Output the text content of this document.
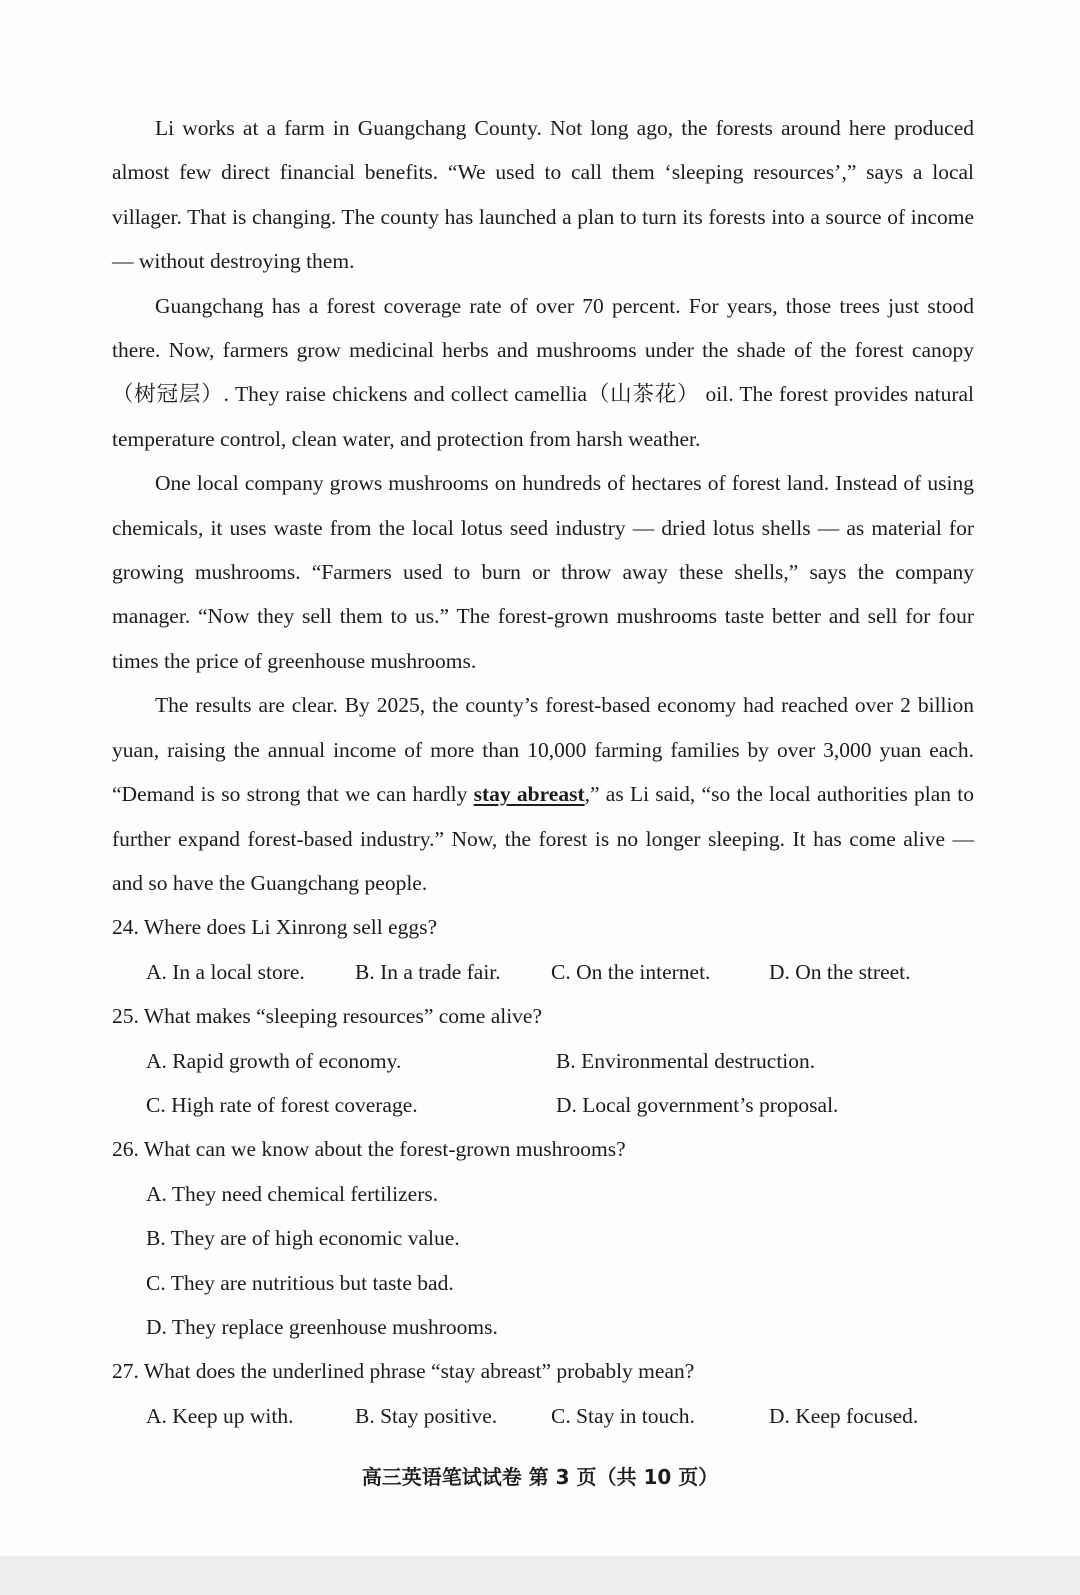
Li works at a farm in Guangchang County. Not long ago, the forests around here produced almost few direct financial benefits. “We used to call them ‘sleeping resources’,” says a local villager. That is changing. The county has launched a plan to turn its forests into a source of income — without destroying them.

Guangchang has a forest coverage rate of over 70 percent. For years, those trees just stood there. Now, farmers grow medicinal herbs and mushrooms under the shade of the forest canopy（树冠层）. They raise chickens and collect camellia（山茶花） oil. The forest provides natural temperature control, clean water, and protection from harsh weather.

One local company grows mushrooms on hundreds of hectares of forest land. Instead of using chemicals, it uses waste from the local lotus seed industry — dried lotus shells — as material for growing mushrooms. “Farmers used to burn or throw away these shells,” says the company manager. “Now they sell them to us.” The forest-grown mushrooms taste better and sell for four times the price of greenhouse mushrooms.

The results are clear. By 2025, the county’s forest-based economy had reached over 2 billion yuan, raising the annual income of more than 10,000 farming families by over 3,000 yuan each. “Demand is so strong that we can hardly stay abreast,” as Li said, “so the local authorities plan to further expand forest-based industry.” Now, the forest is no longer sleeping. It has come alive — and so have the Guangchang people.

24. Where does Li Xinrong sell eggs?

A. In a local store.	B. In a trade fair.	C. On the internet.	D. On the street.

25. What makes “sleeping resources” come alive?

A. Rapid growth of economy.	B. Environmental destruction.
C. High rate of forest coverage.	D. Local government’s proposal.

26. What can we know about the forest-grown mushrooms?

A. They need chemical fertilizers.
B. They are of high economic value.
C. They are nutritious but taste bad.
D. They replace greenhouse mushrooms.

27. What does the underlined phrase “stay abreast” probably mean?

A. Keep up with.	B. Stay positive.	C. Stay in touch.	D. Keep focused.
高三英语笔试试卷 第 3 页（共 10 页）
